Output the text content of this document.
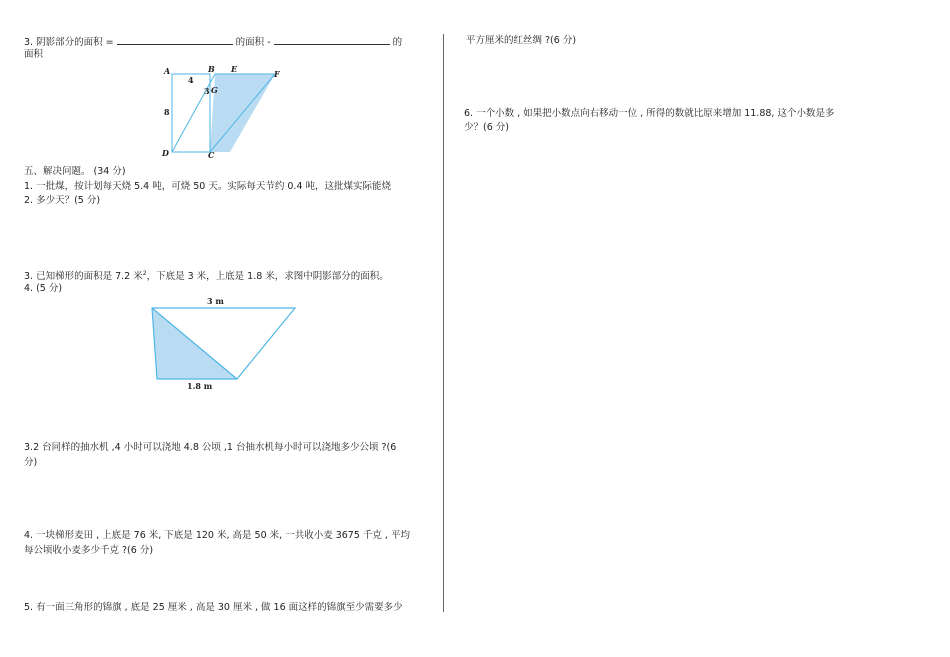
3. 阴影部分的面积 =	的面积 -	的
面积
A	B E	F
G
D	C
4
8
3
五、解决问题。 (34 分)
1. 一批煤，按计划每天烧 5.4 吨，可烧 50 天。实际每天节约 0.4 吨，这批煤实际能烧
2. 多少天？(5 分)
3. 已知梯形的面积是 7.2 米$^2$，下底是 3 米，上底是 1.8 米，求图中阴影部分的面积。
4. (5 分)
3 m
1.8 m
3.2 台同样的抽水机 ,4 小时可以浇地 4.8 公顷 ,1 台抽水机每小时可以浇地多少公顷 ?(6
分)
4. 一块梯形麦田 , 上底是 76 米, 下底是 120 米, 高是 50 米, 一共收小麦 3675 千克 , 平均
每公顷收小麦多少千克 ?(6 分)
5. 有一面三角形的锦旗 , 底是 25 厘米 , 高是 30 厘米 , 做 16 面这样的锦旗至少需要多少
平方厘米的红丝绸 ?(6 分)
6. 一个小数 , 如果把小数点向右移动一位 , 所得的数就比原来增加 11.88, 这个小数是多
少？(6 分)
